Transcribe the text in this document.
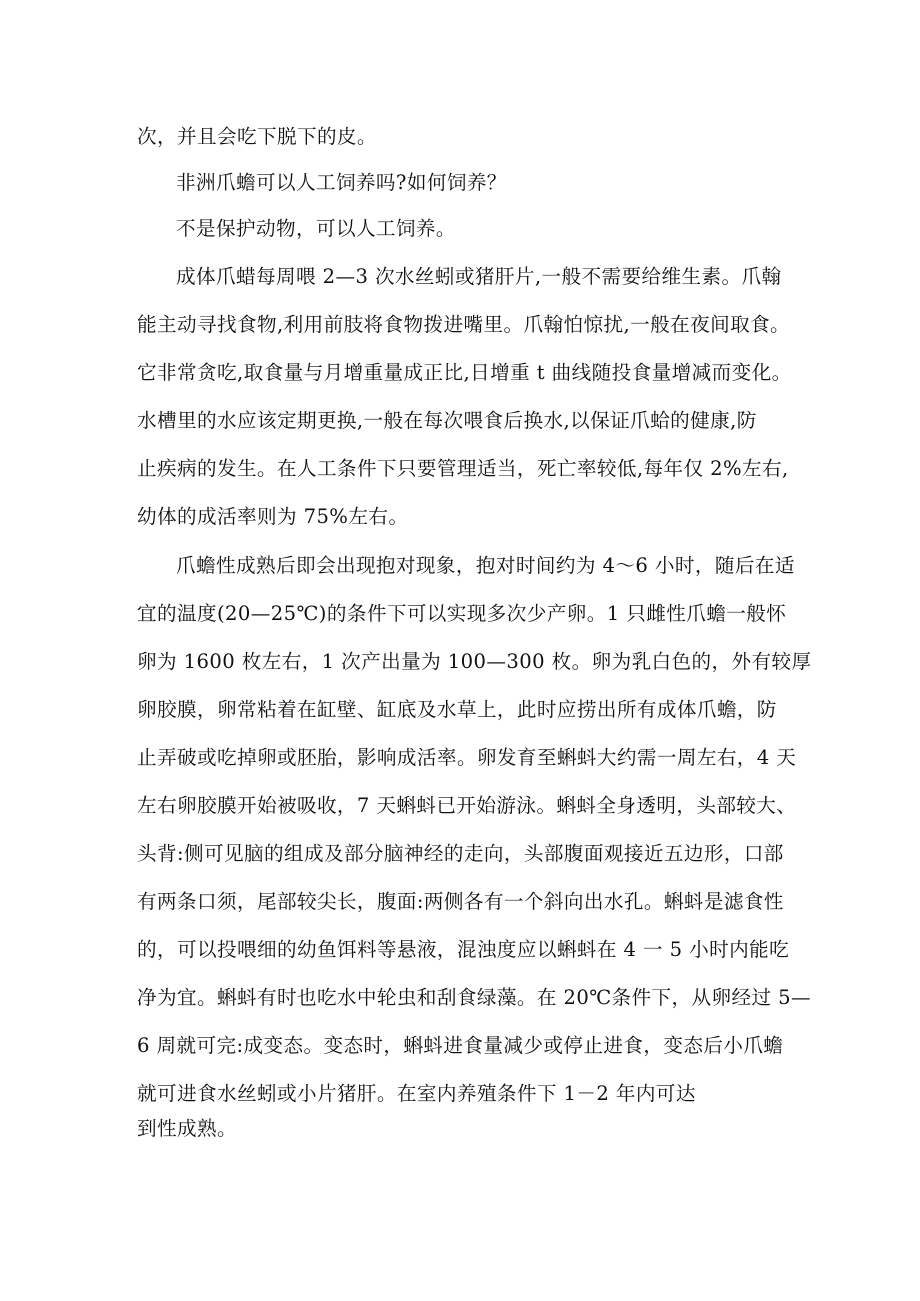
次，并且会吃下脱下的皮。
非洲爪蟾可以人工饲养吗?如何饲养？
不是保护动物，可以人工饲养。
成体爪蜡每周喂 2—3 次水丝蚓或猪肝片,一般不需要给维生素。爪翰
能主动寻找食物,利用前肢将食物拨进嘴里。爪翰怕惊扰,一般在夜间取食。
它非常贪吃,取食量与月增重量成正比,日增重 t 曲线随投食量增减而变化。
水槽里的水应该定期更换,一般在每次喂食后换水,以保证爪蛤的健康,防
止疾病的发生。在人工条件下只要管理适当，死亡率较低,每年仅 2%左右,
幼体的成活率则为 75%左右。
爪蟾性成熟后即会出现抱对现象，抱对时间约为 4～6 小时，随后在适
宜的温度(20—25℃)的条件下可以实现多次少产卵。1 只雌性爪蟾一般怀
卵为 1600 枚左右，1 次产出量为 100—300 枚。卵为乳白色的，外有较厚
卵胶膜，卵常粘着在缸壁、缸底及水草上，此时应捞出所有成体爪蟾，防
止弄破或吃掉卵或胚胎，影响成活率。卵发育至蝌蚪大约需一周左右，4 天
左右卵胶膜开始被吸收，7 天蝌蚪已开始游泳。蝌蚪全身透明，头部较大、
头背:侧可见脑的组成及部分脑神经的走向，头部腹面观接近五边形，口部
有两条口须，尾部较尖长，腹面:两侧各有一个斜向出水孔。蝌蚪是滤食性
的，可以投喂细的幼鱼饵料等悬液，混浊度应以蝌蚪在 4 一 5 小时内能吃
净为宜。蝌蚪有时也吃水中轮虫和刮食绿藻。在 20℃条件下，从卵经过 5—
6 周就可完:成变态。变态时，蝌蚪进食量减少或停止进食，变态后小爪蟾
就可进食水丝蚓或小片猪肝。在室内养殖条件下 1－2 年内可达
到性成熟。
